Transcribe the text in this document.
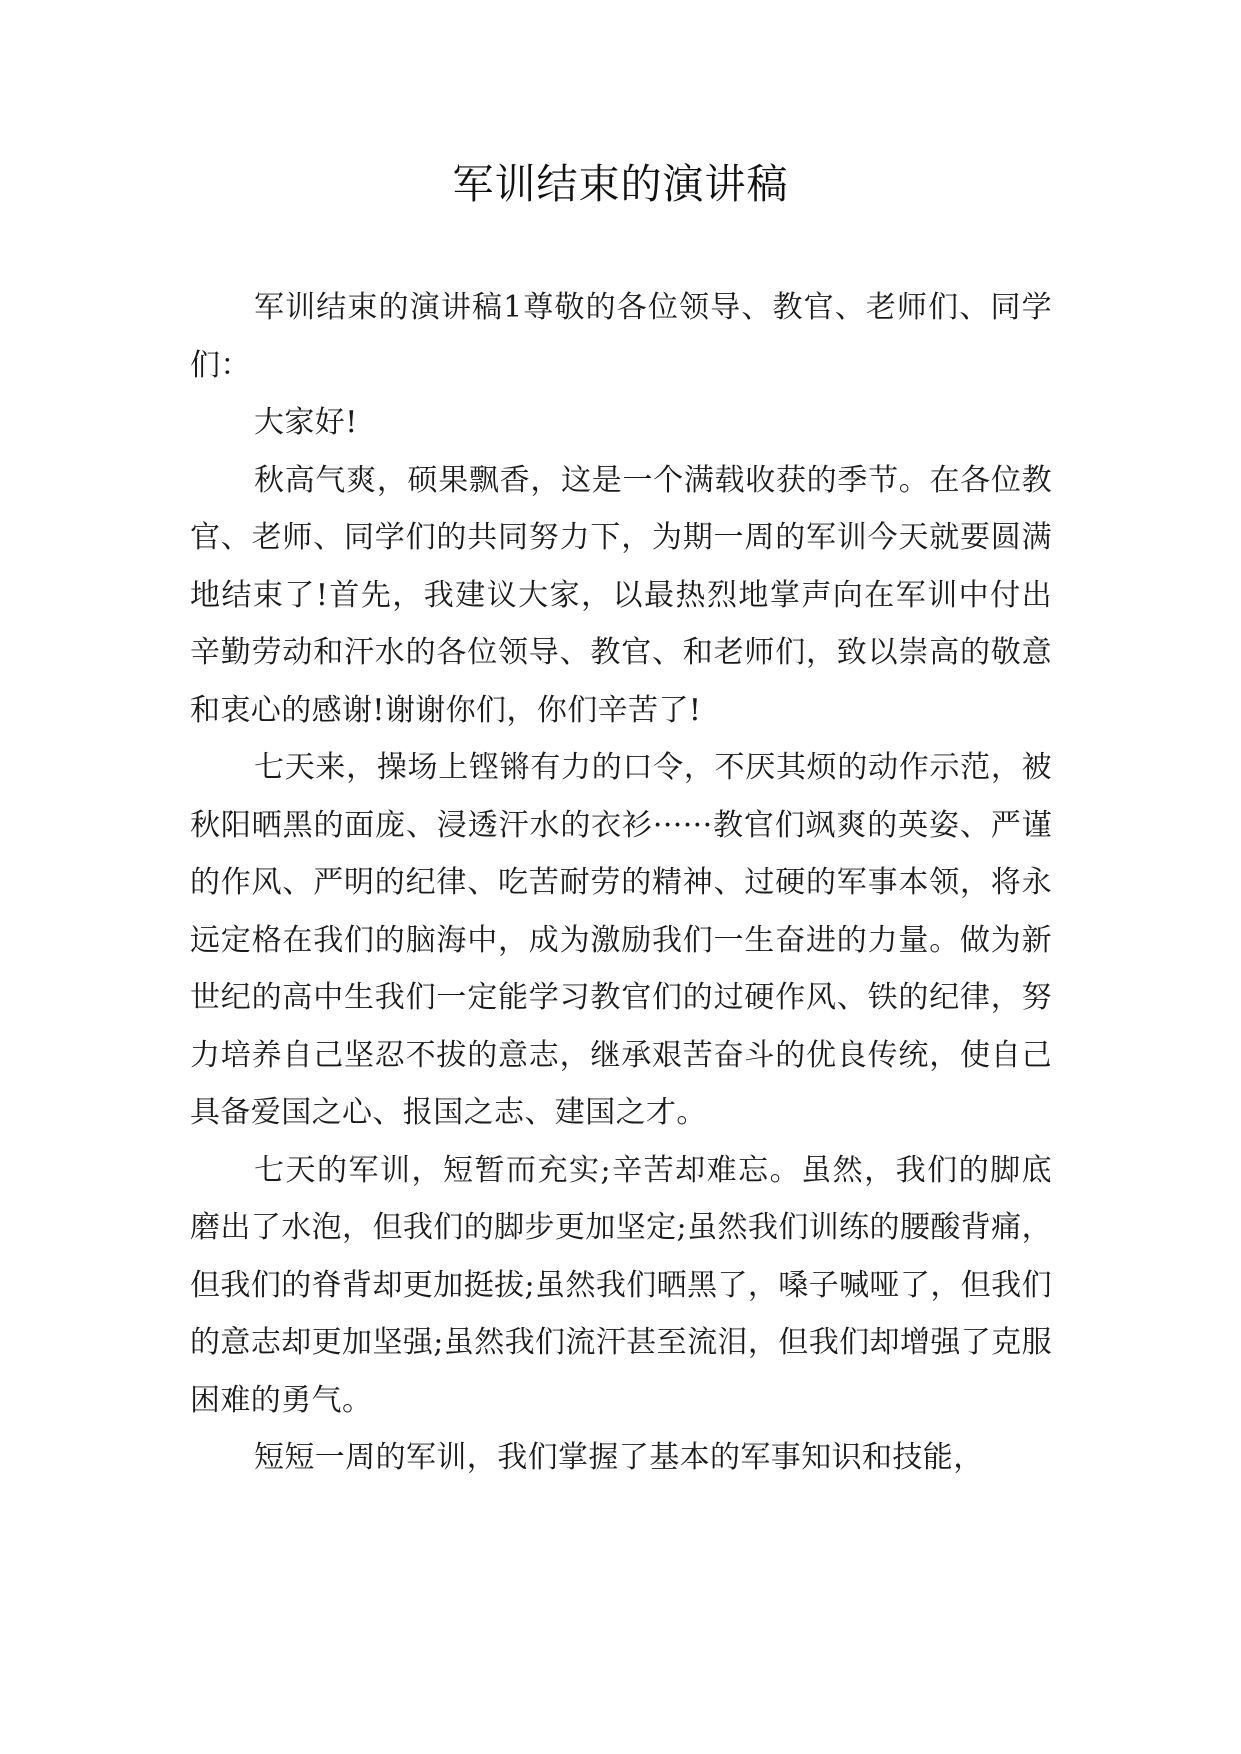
军训结束的演讲稿

军训结束的演讲稿1尊敬的各位领导、教官、老师们、同学们：

大家好!

秋高气爽，硕果飘香，这是一个满载收获的季节。在各位教官、老师、同学们的共同努力下，为期一周的军训今天就要圆满地结束了!首先，我建议大家，以最热烈地掌声向在军训中付出辛勤劳动和汗水的各位领导、教官、和老师们，致以崇高的敬意和衷心的感谢!谢谢你们，你们辛苦了!

七天来，操场上铿锵有力的口令，不厌其烦的动作示范，被秋阳晒黑的面庞、浸透汗水的衣衫······教官们飒爽的英姿、严谨的作风、严明的纪律、吃苦耐劳的精神、过硬的军事本领，将永远定格在我们的脑海中，成为激励我们一生奋进的力量。做为新世纪的高中生我们一定能学习教官们的过硬作风、铁的纪律，努力培养自己坚忍不拔的意志，继承艰苦奋斗的优良传统，使自己具备爱国之心、报国之志、建国之才。

七天的军训，短暂而充实;辛苦却难忘。虽然，我们的脚底磨出了水泡，但我们的脚步更加坚定;虽然我们训练的腰酸背痛，但我们的脊背却更加挺拔;虽然我们晒黑了，嗓子喊哑了，但我们的意志却更加坚强;虽然我们流汗甚至流泪，但我们却增强了克服困难的勇气。

短短一周的军训，我们掌握了基本的军事知识和技能，
